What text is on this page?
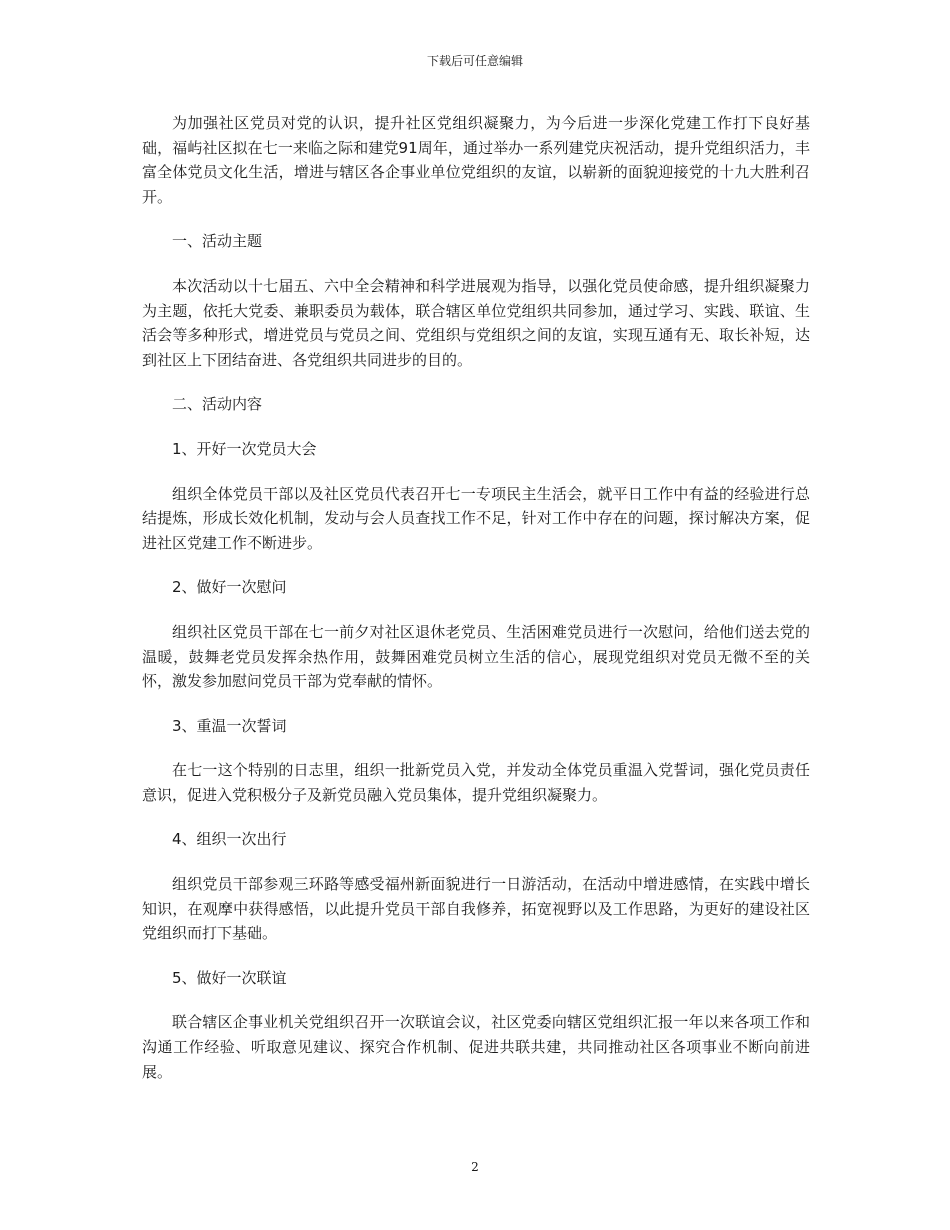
下载后可任意编辑

为加强社区党员对党的认识，提升社区党组织凝聚力，为今后进一步深化党建工作打下良好基础，福屿社区拟在七一来临之际和建党91周年，通过举办一系列建党庆祝活动，提升党组织活力，丰富全体党员文化生活，增进与辖区各企事业单位党组织的友谊，以崭新的面貌迎接党的十九大胜利召开。

一、活动主题

本次活动以十七届五、六中全会精神和科学进展观为指导，以强化党员使命感，提升组织凝聚力为主题，依托大党委、兼职委员为载体，联合辖区单位党组织共同参加，通过学习、实践、联谊、生活会等多种形式，增进党员与党员之间、党组织与党组织之间的友谊，实现互通有无、取长补短，达到社区上下团结奋进、各党组织共同进步的目的。

二、活动内容

1、开好一次党员大会

组织全体党员干部以及社区党员代表召开七一专项民主生活会，就平日工作中有益的经验进行总结提炼，形成长效化机制，发动与会人员查找工作不足，针对工作中存在的问题，探讨解决方案，促进社区党建工作不断进步。

2、做好一次慰问

组织社区党员干部在七一前夕对社区退休老党员、生活困难党员进行一次慰问，给他们送去党的温暖，鼓舞老党员发挥余热作用，鼓舞困难党员树立生活的信心，展现党组织对党员无微不至的关怀，激发参加慰问党员干部为党奉献的情怀。

3、重温一次誓词

在七一这个特别的日志里，组织一批新党员入党，并发动全体党员重温入党誓词，强化党员责任意识，促进入党积极分子及新党员融入党员集体，提升党组织凝聚力。

4、组织一次出行

组织党员干部参观三环路等感受福州新面貌进行一日游活动，在活动中增进感情，在实践中增长知识，在观摩中获得感悟，以此提升党员干部自我修养，拓宽视野以及工作思路，为更好的建设社区党组织而打下基础。

5、做好一次联谊

联合辖区企事业机关党组织召开一次联谊会议，社区党委向辖区党组织汇报一年以来各项工作和沟通工作经验、听取意见建议、探究合作机制、促进共联共建，共同推动社区各项事业不断向前进展。

2
